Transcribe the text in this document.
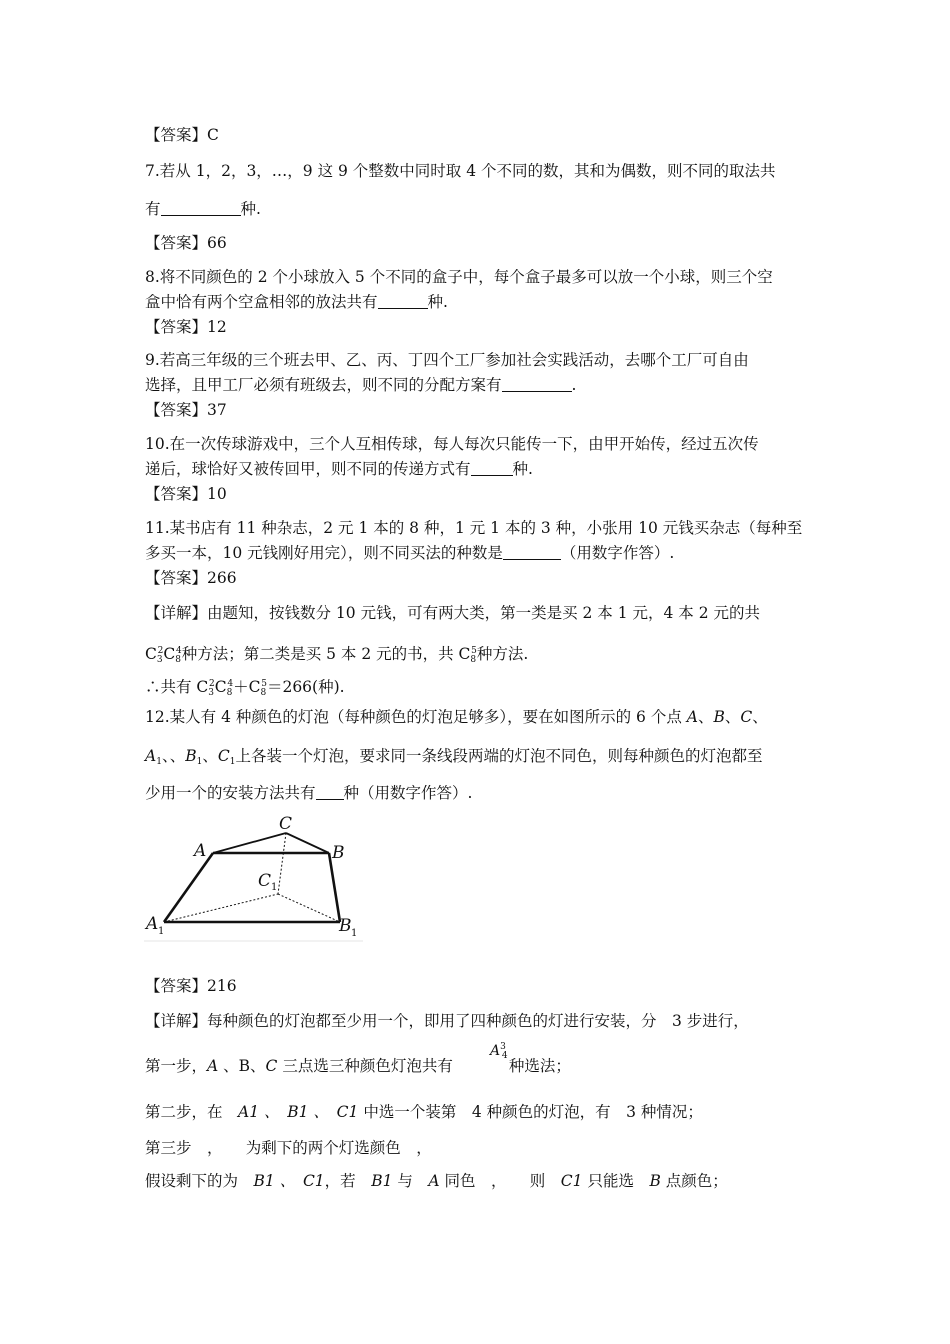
【答案】C
7.若从 1，2，3，…，9 这 9 个整数中同时取 4 个不同的数，其和为偶数，则不同的取法共
有	种.
【答案】66
8.将不同颜色的 2 个小球放入 5 个不同的盒子中，每个盒子最多可以放一个小球，则三个空
盒中恰有两个空盒相邻的放法共有	种.
【答案】12
9.若高三年级的三个班去甲、乙、丙、丁四个工厂参加社会实践活动，去哪个工厂可自由
选择，且甲工厂必须有班级去，则不同的分配方案有	.
【答案】37
10.在一次传球游戏中，三个人互相传球，每人每次只能传一下，由甲开始传，经过五次传
递后，球恰好又被传回甲，则不同的传递方式有	种.
【答案】10
11.某书店有 11 种杂志，2 元 1 本的 8 种，1 元 1 本的 3 种，小张用 10 元钱买杂志（每种至
多买一本，10 元钱刚好用完），则不同买法的种数是	（用数字作答）.
【答案】266
【详解】由题知，按钱数分 10 元钱，可有两大类，第一类是买 2 本 1 元，4 本 2 元的共
$C_3^2C_8^4$种方法；第二类是买 5 本 2 元的书，共 $C_8^5$种方法.
∴共有 $C_3^2C_8^4+C_8^5=266$(种).
12.某人有 4 种颜色的灯泡（每种颜色的灯泡足够多），要在如图所示的 6 个点 A、B、C、
$A_1$、、$B_1$、$C_1$上各装一个灯泡，要求同一条线段两端的灯泡不同色，则每种颜色的灯泡都至
少用一个的安装方法共有 种（用数字作答）.
C
A	B
C 1
A 1	B 1
【答案】216
【详解】每种颜色的灯泡都至少用一个，即用了四种颜色的灯进行安装，分　3 步进行，
$A^3_4$
第一步，A 、B、C 三点选三种颜色灯泡共有	种选法；
第二步，在　A1 、　B1 、　C1 中选一个装第　4 种颜色的灯泡，有　3 种情况；
第三步　，　　为剩下的两个灯选颜色　，
假设剩下的为　B1 、　C1，若　B1 与　A 同色　，　　则　C1 只能选　B 点颜色；
